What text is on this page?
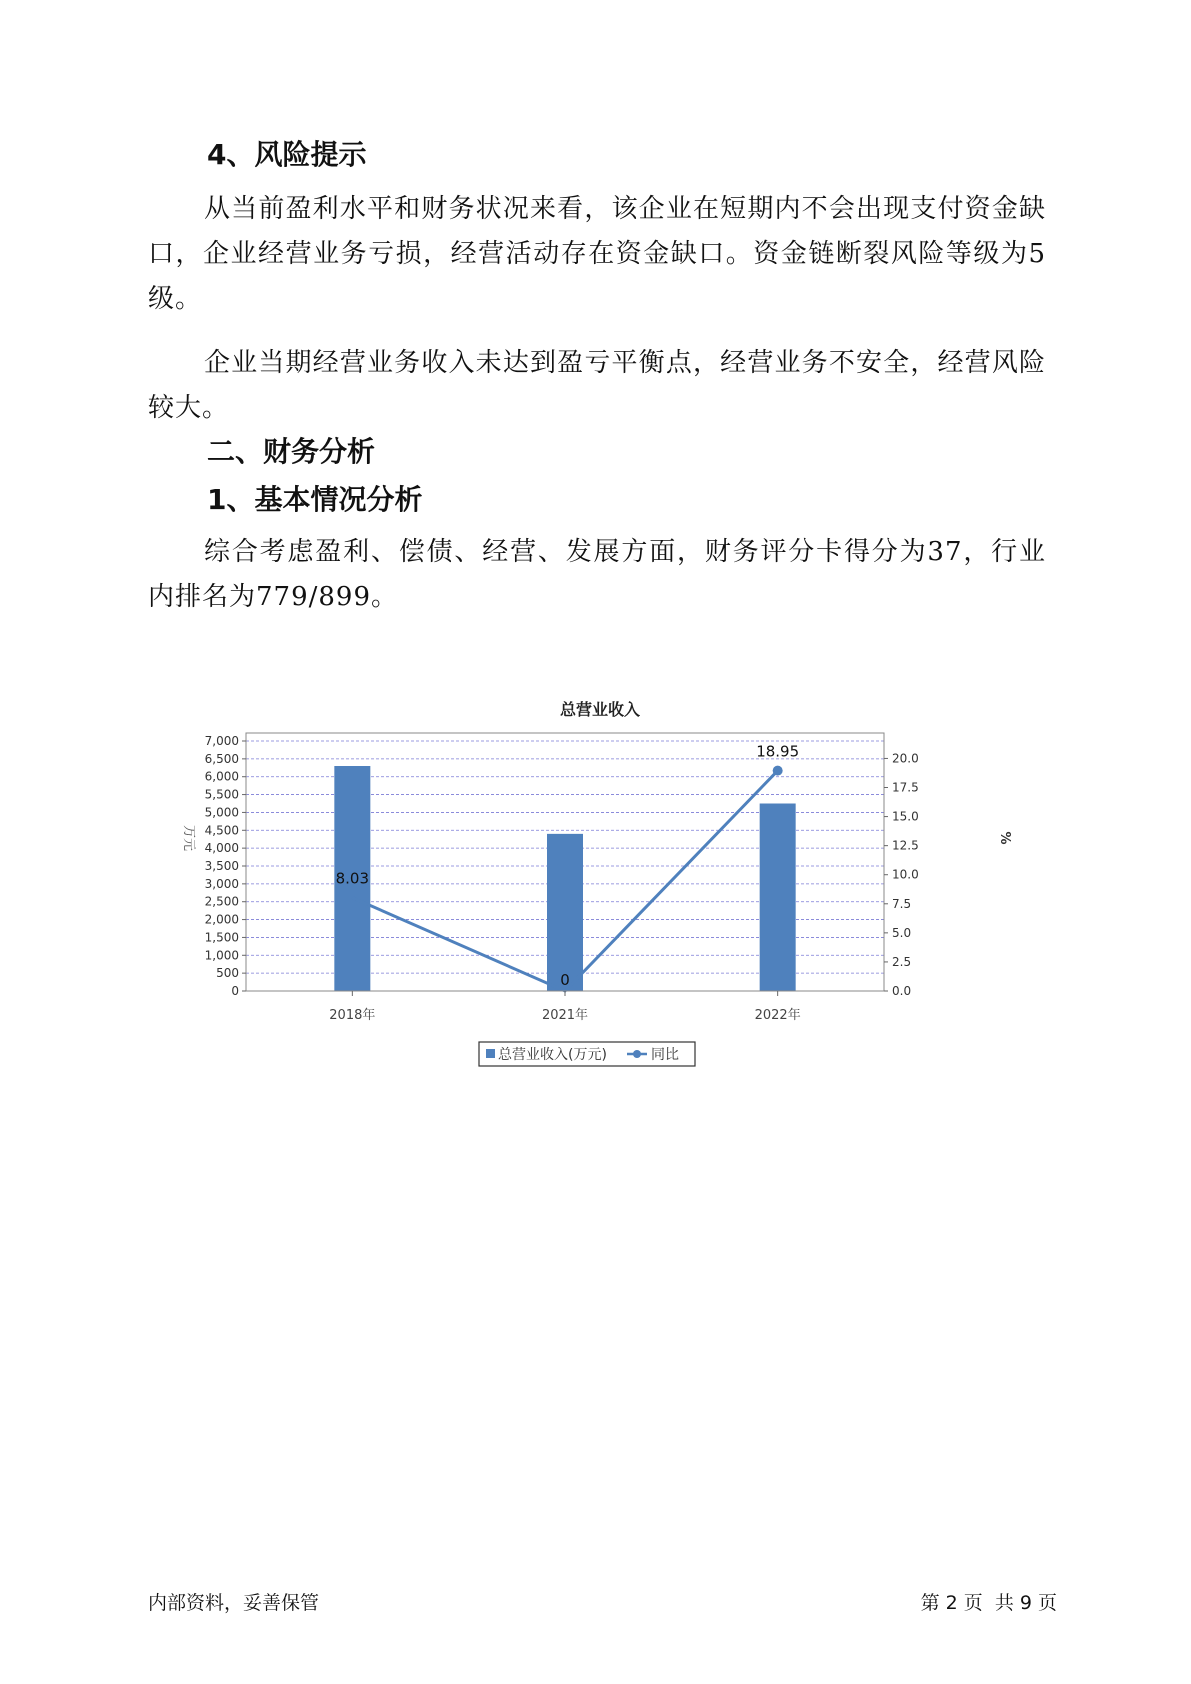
4、风险提示

从当前盈利水平和财务状况来看，该企业在短期内不会出现支付资金缺口，企业经营业务亏损，经营活动存在资金缺口。资金链断裂风险等级为5级。

企业当期经营业务收入未达到盈亏平衡点，经营业务不安全，经营风险较大。

二、财务分析
1、基本情况分析

综合考虑盈利、偿债、经营、发展方面，财务评分卡得分为37，行业内排名为779/899。

8.03
0
18.95
0
500
1,000
1,500
2,000
2,500
3,000
3,500
4,000
4,500
5,000
5,500
6,000
6,500
7,000
0.0
2.5
5.0
7.5
10.0
12.5
15.0
17.5
20.0
2018年	2021年	2022年
总营业收入
万元	%
总营业收入(万元)	同比
内部资料，妥善保管	第 2 页  共 9 页
